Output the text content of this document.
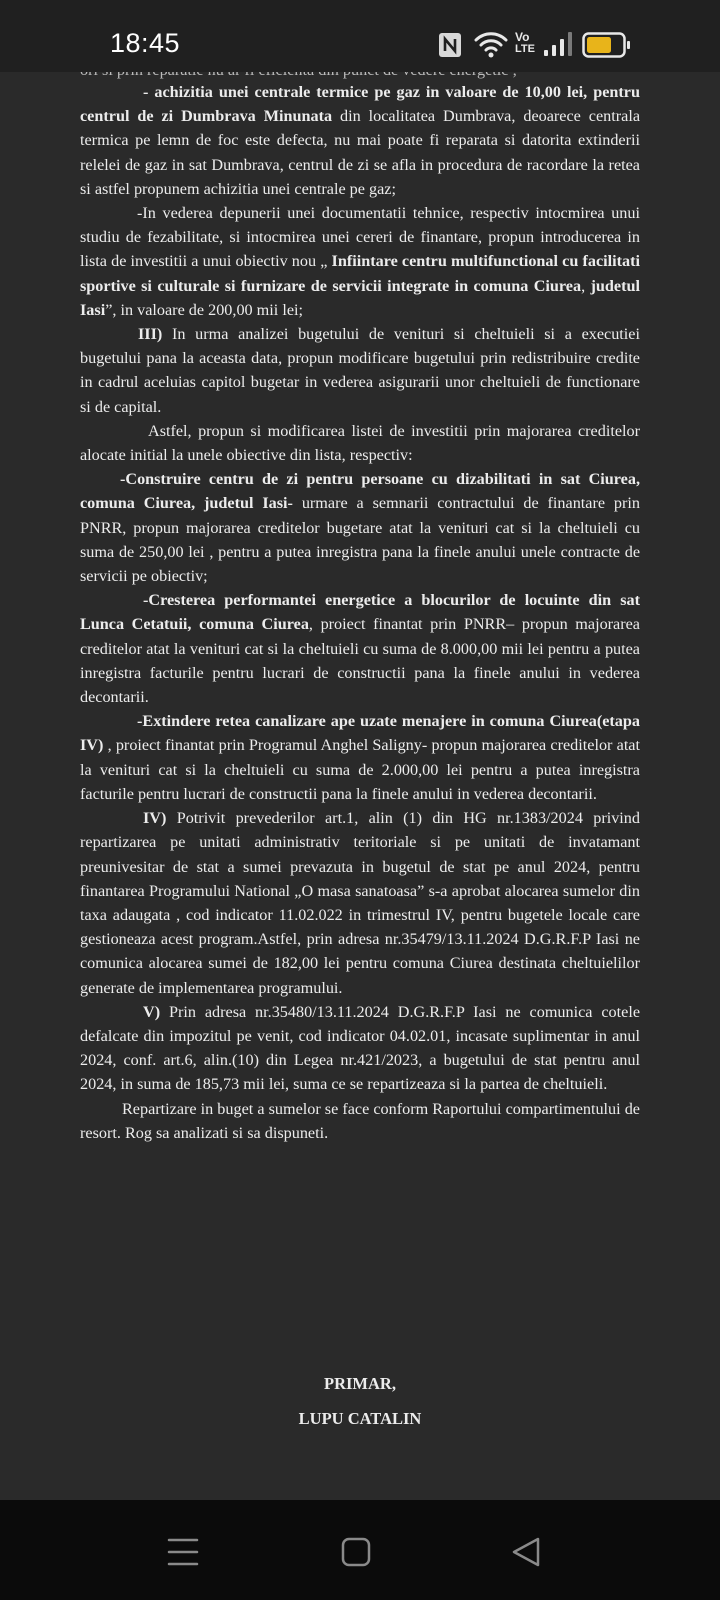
18:45	Vo
LTE

- achizitia unei centrale termice pe gaz in valoare de 10,00 lei, pentru centrul de zi Dumbrava Minunata din localitatea Dumbrava, deoarece centrala termica pe lemn de foc este defecta, nu mai poate fi reparata si datorita extinderii relelei de gaz in sat Dumbrava, centrul de zi se afla in procedura de racordare la retea si astfel propunem achizitia unei centrale pe gaz;

-In vederea depunerii unei documentatii tehnice, respectiv intocmirea unui studiu de fezabilitate, si intocmirea unei cereri de finantare, propun introducerea in lista de investitii a unui obiectiv nou „ Infiintare centru multifunctional cu facilitati sportive si culturale si furnizare de servicii integrate in comuna Ciurea, judetul Iasi”, in valoare de 200,00 mii lei;

III) In urma analizei bugetului de venituri si cheltuieli si a executiei bugetului pana la aceasta data, propun modificare bugetului prin redistribuire credite in cadrul aceluias capitol bugetar in vederea asigurarii unor cheltuieli de functionare si de capital.

Astfel, propun si modificarea listei de investitii prin majorarea creditelor alocate initial la unele obiective din lista, respectiv:

-Construire centru de zi pentru persoane cu dizabilitati in sat Ciurea, comuna Ciurea, judetul Iasi- urmare a semnarii contractului de finantare prin PNRR, propun majorarea creditelor bugetare atat la venituri cat si la cheltuieli cu suma de 250,00 lei , pentru a putea inregistra pana la finele anului unele contracte de servicii pe obiectiv;

-Cresterea performantei energetice a blocurilor de locuinte din sat Lunca Cetatuii, comuna Ciurea, proiect finantat prin PNRR– propun majorarea creditelor atat la venituri cat si la cheltuieli cu suma de 8.000,00 mii lei pentru a putea inregistra facturile pentru lucrari de constructii pana la finele anului in vederea decontarii.

-Extindere retea canalizare ape uzate menajere in comuna Ciurea(etapa IV) , proiect finantat prin Programul Anghel Saligny- propun majorarea creditelor atat la venituri cat si la cheltuieli cu suma de 2.000,00 lei pentru a putea inregistra facturile pentru lucrari de constructii pana la finele anului in vederea decontarii.

IV) Potrivit prevederilor art.1, alin (1) din HG nr.1383/2024 privind repartizarea pe unitati administrativ teritoriale si pe unitati de invatamant preunivesitar de stat a sumei prevazuta in bugetul de stat pe anul 2024, pentru finantarea Programului National „O masa sanatoasa” s-a aprobat alocarea sumelor din taxa adaugata , cod indicator 11.02.022 in trimestrul IV, pentru bugetele locale care gestioneaza acest program.Astfel, prin adresa nr.35479/13.11.2024 D.G.R.F.P Iasi ne comunica alocarea sumei de 182,00 lei pentru comuna Ciurea destinata cheltuielilor generate de implementarea programului.

V) Prin adresa nr.35480/13.11.2024 D.G.R.F.P Iasi ne comunica cotele defalcate din impozitul pe venit, cod indicator 04.02.01, incasate suplimentar in anul 2024, conf. art.6, alin.(10) din Legea nr.421/2023, a bugetului de stat pentru anul 2024, in suma de 185,73 mii lei, suma ce se repartizeaza si la partea de cheltuieli.

Repartizare in buget a sumelor se face conform Raportului compartimentului de resort. Rog sa analizati si sa dispuneti.

PRIMAR,
LUPU CATALIN
